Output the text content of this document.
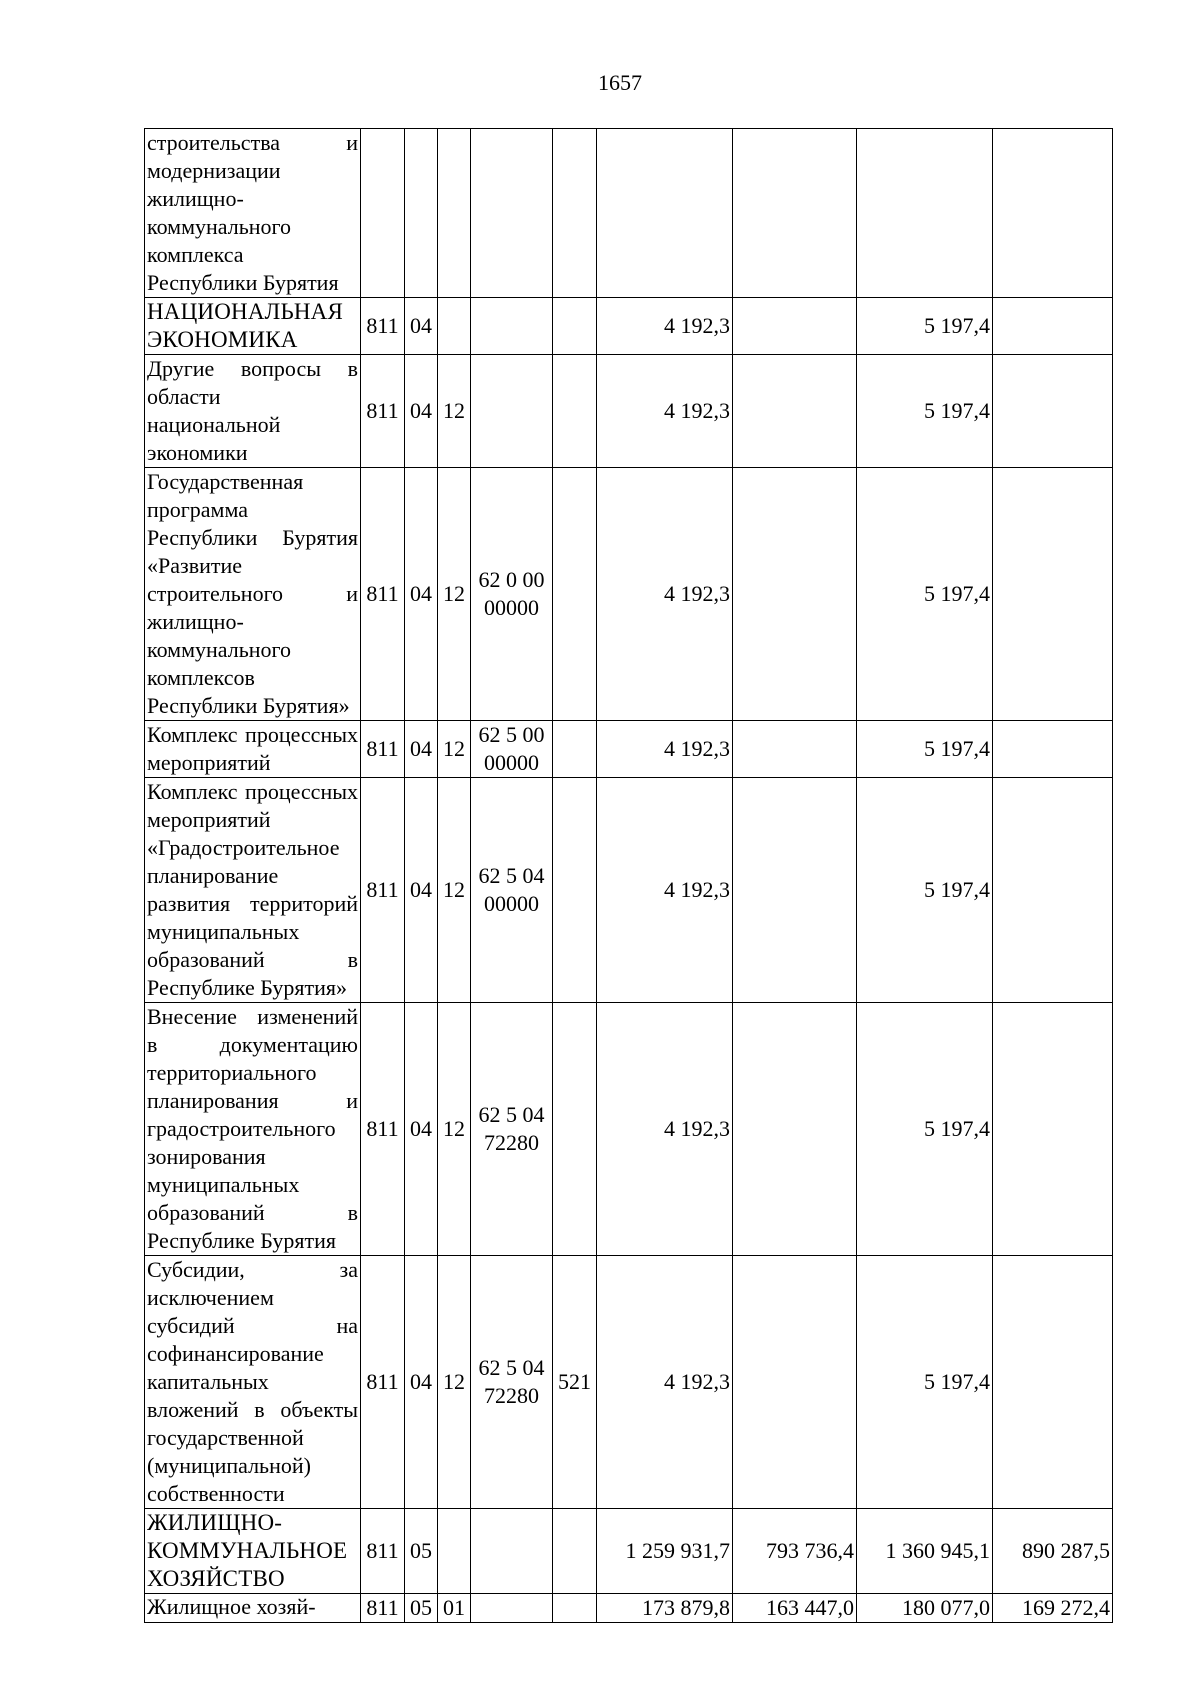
1657
строительства и модернизации жилищно-коммунального комплекса Республики Бурятия									
НАЦИОНАЛЬНАЯ ЭКОНОМИКА	811	04				4 192,3		5 197,4	
Другие вопросы в области национальной экономики	811	04	12			4 192,3		5 197,4	
Государственная программа Республики Бурятия «Развитие строительного и жилищно-коммунального комплексов Республики Бурятия»	811	04	12	62 0 00 00000		4 192,3		5 197,4	
Комплекс процессных мероприятий	811	04	12	62 5 00 00000		4 192,3		5 197,4	
Комплекс процессных мероприятий «Градостроительное планирование развития территорий муниципальных образований в Республике Бурятия»	811	04	12	62 5 04 00000		4 192,3		5 197,4	
Внесение изменений в документацию территориального планирования и градостроительного зонирования муниципальных образований в Республике Бурятия	811	04	12	62 5 04 72280		4 192,3		5 197,4	
Субсидии, за исключением субсидий на софинансирование капитальных вложений в объекты государственной (муниципальной) собственности	811	04	12	62 5 04 72280	521	4 192,3		5 197,4	
ЖИЛИЩНО-КОММУНАЛЬНОЕ ХОЗЯЙСТВО	811	05				1 259 931,7	793 736,4	1 360 945,1	890 287,5
Жилищное хозяй-	811	05	01			173 879,8	163 447,0	180 077,0	169 272,4
